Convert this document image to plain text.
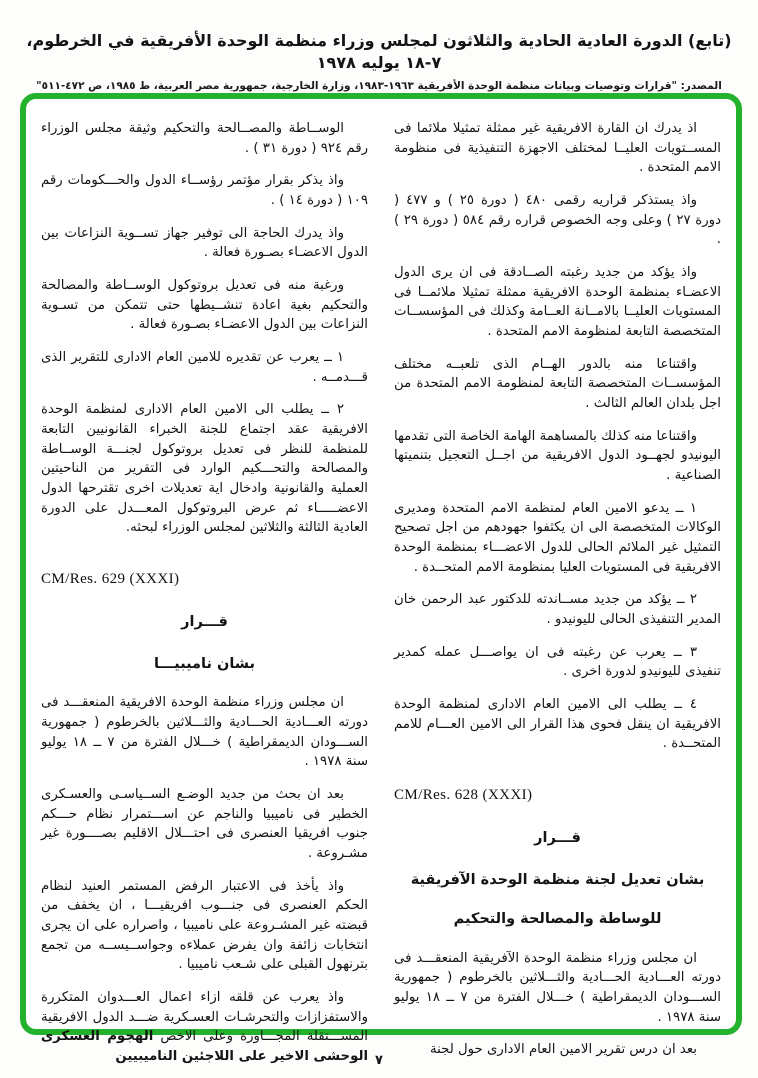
(تابع) الدورة العادية الحادية والثلاثون لمجلس وزراء منظمة الوحدة الأفريقية في الخرطوم، ٧-١٨ يوليه ١٩٧٨
المصدر: "قرارات وتوصيات وبيانات منظمة الوحدة الأفريقية ١٩٦٣-١٩٨٣، وزارة الخارجية، جمهورية مصر العربية، ط ١٩٨٥، ص ٤٧٢-٥١١"

اذ يدرك ان القارة الافريقية غير ممثلة تمثيلا ملائما فى المســتويات العليــا لمختلف الاجهزة التنفيذية فى منظومة الامم المتحدة .

واذ يستذكر قراريه رقمى ٤٨٠ ( دورة ٢٥ ) و ٤٧٧ ( دورة ٢٧ ) وعلى وجه الخصوص قراره رقم ٥٨٤ ( دورة ٢٩ ) .

واذ يؤكد من جديد رغبته الصــادقة فى ان يرى الدول الاعضـاء بمنظمة الوحدة الافريقية ممثلة تمثيلا ملائمــا فى المستويات العليــا بالامــانة العــامة وكذلك فى المؤسســات المتخصصة التابعة لمنظومة الامم المتحدة .

واقتناعا منه بالدور الهــام الذى تلعبــه مختلف المؤسســات المتخصصة التابعة لمنظومة الامم المتحدة من اجل بلدان العالم الثالث .

واقتناعا منه كذلك بالمساهمة الهامة الخاصة التى تقدمها اليونيدو لجهــود الدول الافريقية من اجــل التعجيل بتنميتها الصناعية .

١ ــ يدعو الامين العام لمنظمة الامم المتحدة ومديرى الوكالات المتخصصة الى ان يكثفوا جهودهم من اجل تصحيح التمثيل غير الملائم الحالى للدول الاعضـــاء بمنظمة الوحدة الافريقية فى المستويات العليا بمنظومة الامم المتحــدة .

٢ ــ يؤكد من جديد مســاندته للدكتور عبد الرحمن خان المدير التنفيذى الحالى لليونيدو .

٣ ــ يعرب عن رغبته فى ان يواصـــل عمله كمدير تنفيذى لليونيدو لدورة اخرى .

٤ ــ يطلب الى الامين العام الادارى لمنظمة الوحدة الافريقية ان ينقل فحوى هذا القرار الى الامين العـــام للامم المتحــدة .

CM/Res. 628 (XXXI)

قـــرار

بشان تعديل لجنة منظمة الوحدة الآفريقية

للوساطة والمصالحة والتحكيم

ان مجلس وزراء منظمة الوحدة الآفريقية المنعقـــد فى دورته العـــادية الحـــادية والثـــلاثين بالخرطوم ( جمهورية الســـودان الديمقراطية ) خـــلال الفترة من ٧ ــ ١٨ يوليو سنة ١٩٧٨ .

بعد ان درس تقرير الامين العام الادارى حول لجنة

الوســاطة والمصــالحة والتحكيم وثيقة مجلس الوزراء رقم ٩٢٤ ( دورة ٣١ ) .

واذ يذكر بقرار مؤتمر رؤســاء الدول والحـــكومات رقم ١٠٩ ( دورة ١٤ ) .

واذ يدرك الحاجة الى توفير جهاز تســوية النزاعات بين الدول الاعضـاء بصـورة فعالة .

ورغبة منه فى تعديل بروتوكول الوســاطة والمصالحة والتحكيم بغية اعادة تنشــيطها حتى تتمكن من تسـوية النزاعات بين الدول الاعضـاء بصـورة فعالة .

١ ــ يعرب عن تقديره للامين العام الادارى للتقرير الذى قـــدمــه .

٢ ــ يطلب الى الامين العام الادارى لمنظمة الوحدة الافريقية عقد اجتماع للجنة الخبراء القانونيين التابعة للمنظمة للنظر فى تعديل بروتوكول لجنـــة الوســاطة والمصالحة والتحـــكيم الوارد فى التقرير من الناحيتين العملية والقانونية وادخال اية تعديلات اخرى تقترحها الدول الاعضـــــاء ثم عرض البروتوكول المعـــدل على الدورة العادية الثالثة والثلاثين لمجلس الوزراء لبحثه.

CM/Res. 629 (XXXI)

قـــرار

بشان ناميبيـــا

ان مجلس وزراء منظمة الوحدة الافريقية المنعقـــد فى دورته العـــادية الحـــادية والثـــلاثين بالخرطوم ( جمهورية الســـودان الديمقراطية ) خـــلال الفترة من ٧ ــ ١٨ يوليو سنة ١٩٧٨ .

بعد ان بحث من جديد الوضـع الســياسـى والعسـكرى الخطير فى ناميبيا والناجم عن اســـتمرار نظام حـــكم جنوب افريقيا العنصرى فى احتـــلال الاقليم بصــــورة غير مشـروعة .

واذ يأخذ فى الاعتبار الرفض المستمر العنيد لنظام الحكم العنصرى فى جنـــوب افريقيـــا ، ان يخفف من قبضته غير المشـروعة على ناميبيا ، واصراره على ان يجرى انتخابات زائفة وان يفرض عملاءه وجواســيســه من تجمع بترنهول القبلى على شـعب ناميبيا .

واذ يعرب عن قلقه ازاء اعمال العـــدوان المتكررة والاستفزازات والتحرشـات العسـكرية ضـــد الدول الافريقية المســـتقلة المجـــاورة وعلى الاخص الهجوم العسكرى الوحشى الاخير على اللاجئين الناميبيين ٧
